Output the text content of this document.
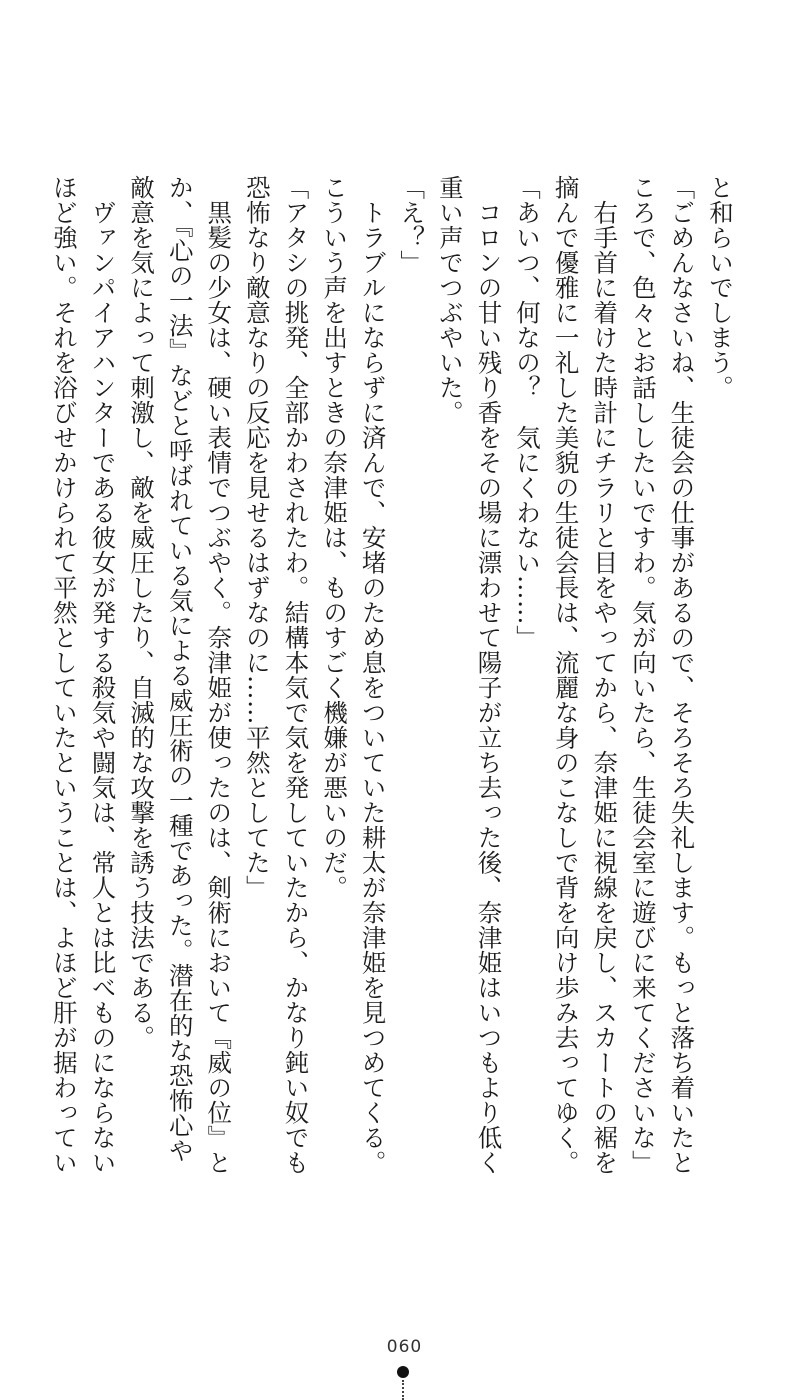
と和らいでしまう。
「ごめんなさいね、生徒会の仕事があるので、そろそろ失礼します。もっと落ち着いたと
ころで、色々とお話ししたいですわ。気が向いたら、生徒会室に遊びに来てくださいな」
　右手首に着けた時計にチラリと目をやってから、奈津姫に視線を戻し、スカートの裾を
摘んで優雅に一礼した美貌の生徒会長は、流麗な身のこなしで背を向け歩み去ってゆく。
「あいつ、何なの？　気にくわない……」
　コロンの甘い残り香をその場に漂わせて陽子が立ち去った後、奈津姫はいつもより低く
重い声でつぶやいた。
「え？」
　トラブルにならずに済んで、安堵のため息をついていた耕太が奈津姫を見つめてくる。
こういう声を出すときの奈津姫は、ものすごく機嫌が悪いのだ。
「アタシの挑発、全部かわされたわ。結構本気で気を発していたから、かなり鈍い奴でも
恐怖なり敵意なりの反応を見せるはずなのに……平然としてた」
　黒髪の少女は、硬い表情でつぶやく。奈津姫が使ったのは、剣術において『威の位』と
か、『心の一法』などと呼ばれている気による威圧術の一種であった。潜在的な恐怖心や
敵意を気によって刺激し、敵を威圧したり、自滅的な攻撃を誘う技法である。
　ヴァンパイアハンターである彼女が発する殺気や闘気は、常人とは比べものにならない
ほど強い。それを浴びせかけられて平然としていたということは、よほど肝が据わってい
060
